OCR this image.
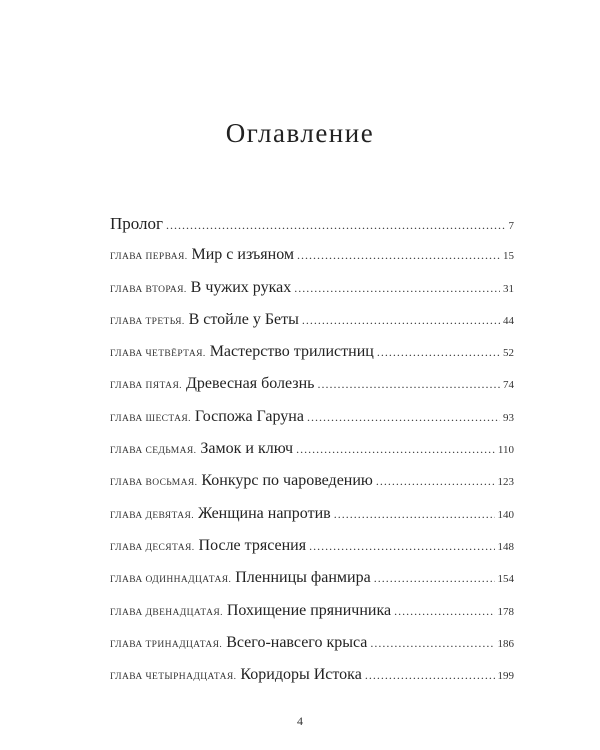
Оглавление
Пролог .....	7
ГЛАВА ПЕРВАЯ. Мир с изъяном .....	15
ГЛАВА ВТОРАЯ. В чужих руках .....	31
ГЛАВА ТРЕТЬЯ. В стойле у Беты .....	44
ГЛАВА ЧЕТВЁРТАЯ. Мастерство трилистниц .....	52
ГЛАВА ПЯТАЯ. Древесная болезнь .....	74
ГЛАВА ШЕСТАЯ. Госпожа Гаруна .....	93
ГЛАВА СЕДЬМАЯ. Замок и ключ .....	110
ГЛАВА ВОСЬМАЯ. Конкурс по чароведению .....	123
ГЛАВА ДЕВЯТАЯ. Женщина напротив .....	140
ГЛАВА ДЕСЯТАЯ. После трясения .....	148
ГЛАВА ОДИННАДЦАТАЯ. Пленницы фанмира .....	154
ГЛАВА ДВЕНАДЦАТАЯ. Похищение пряничника .....	178
ГЛАВА ТРИНАДЦАТАЯ. Всего-навсего крыса .....	186
ГЛАВА ЧЕТЫРНАДЦАТАЯ. Коридоры Истока .....	199
4
